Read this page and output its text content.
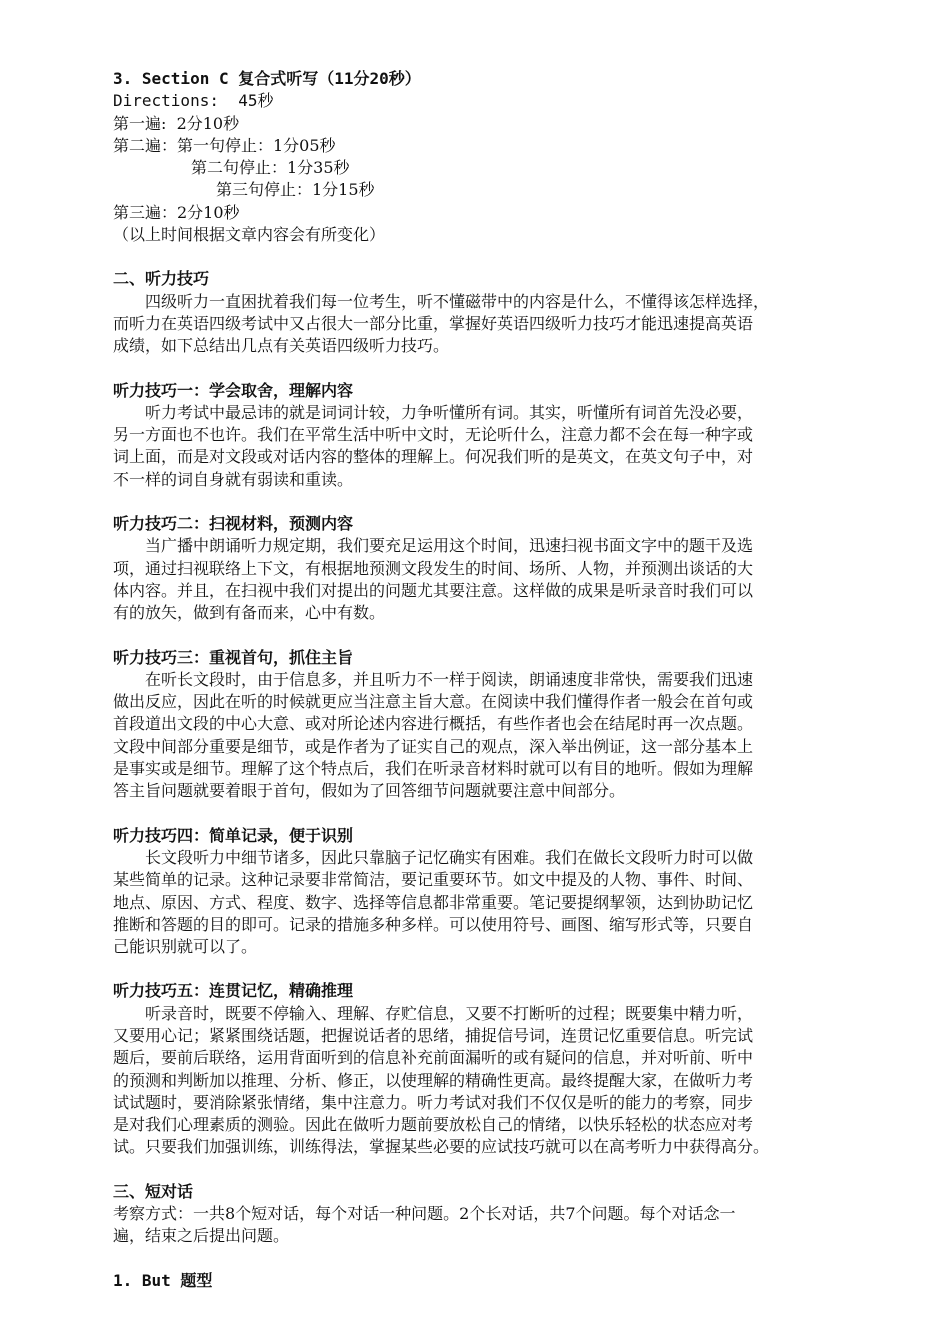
3. Section C 复合式听写（11分20秒）
Directions:  45秒
第一遍:  2分10秒
第二遍：第一句停止：1分05秒
第二句停止：1分35秒
第三句停止：1分15秒
第三遍：2分10秒
（以上时间根据文章内容会有所变化）
二、听力技巧
　　四级听力一直困扰着我们每一位考生，听不懂磁带中的内容是什么，不懂得该怎样选择，
而听力在英语四级考试中又占很大一部分比重，掌握好英语四级听力技巧才能迅速提高英语
成绩，如下总结出几点有关英语四级听力技巧。
听力技巧一：学会取舍，理解内容
　　听力考试中最忌讳的就是词词计较，力争听懂所有词。其实，听懂所有词首先没必要，
另一方面也不也许。我们在平常生活中听中文时，无论听什么，注意力都不会在每一种字或
词上面，而是对文段或对话内容的整体的理解上。何况我们听的是英文，在英文句子中，对
不一样的词自身就有弱读和重读。
听力技巧二：扫视材料，预测内容
　　当广播中朗诵听力规定期，我们要充足运用这个时间，迅速扫视书面文字中的题干及选
项，通过扫视联络上下文，有根据地预测文段发生的时间、场所、人物，并预测出谈话的大
体内容。并且，在扫视中我们对提出的问题尤其要注意。这样做的成果是听录音时我们可以
有的放矢，做到有备而来，心中有数。
听力技巧三：重视首句，抓住主旨
　　在听长文段时，由于信息多，并且听力不一样于阅读，朗诵速度非常快，需要我们迅速
做出反应，因此在听的时候就更应当注意主旨大意。在阅读中我们懂得作者一般会在首句或
首段道出文段的中心大意、或对所论述内容进行概括，有些作者也会在结尾时再一次点题。
文段中间部分重要是细节，或是作者为了证实自己的观点，深入举出例证，这一部分基本上
是事实或是细节。理解了这个特点后，我们在听录音材料时就可以有目的地听。假如为理解
答主旨问题就要着眼于首句，假如为了回答细节问题就要注意中间部分。
听力技巧四：简单记录，便于识别
　　长文段听力中细节诸多，因此只靠脑子记忆确实有困难。我们在做长文段听力时可以做
某些简单的记录。这种记录要非常简洁，要记重要环节。如文中提及的人物、事件、时间、
地点、原因、方式、程度、数字、选择等信息都非常重要。笔记要提纲挈领，达到协助记忆
推断和答题的目的即可。记录的措施多种多样。可以使用符号、画图、缩写形式等，只要自
己能识别就可以了。
听力技巧五：连贯记忆，精确推理
　　听录音时，既要不停输入、理解、存贮信息，又要不打断听的过程；既要集中精力听，
又要用心记；紧紧围绕话题，把握说话者的思绪，捕捉信号词，连贯记忆重要信息。听完试
题后，要前后联络，运用背面听到的信息补充前面漏听的或有疑问的信息，并对听前、听中
的预测和判断加以推理、分析、修正，以使理解的精确性更高。最终提醒大家，在做听力考
试试题时，要消除紧张情绪，集中注意力。听力考试对我们不仅仅是听的能力的考察，同步
是对我们心理素质的测验。因此在做听力题前要放松自己的情绪，以快乐轻松的状态应对考
试。只要我们加强训练，训练得法，掌握某些必要的应试技巧就可以在高考听力中获得高分。
三、短对话
考察方式：一共8个短对话，每个对话一种问题。2个长对话，共7个问题。每个对话念一
遍，结束之后提出问题。
1. But 题型
